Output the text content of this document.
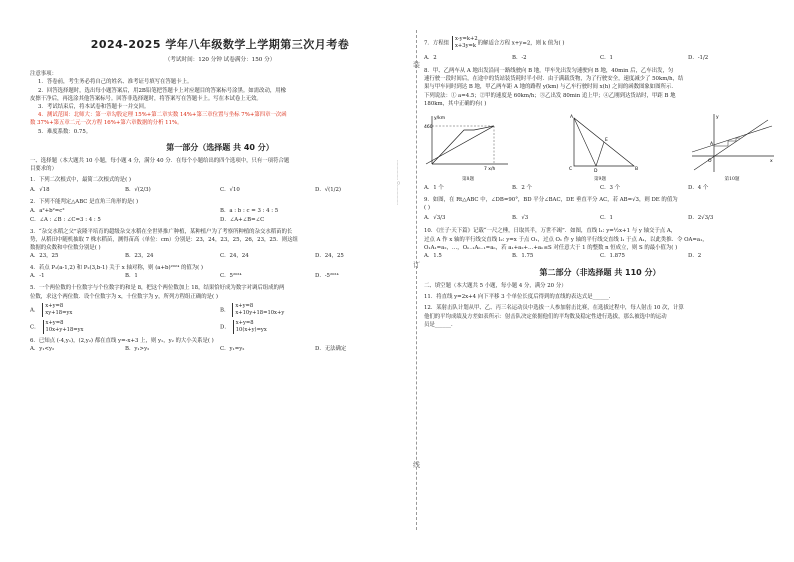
2024-2025 学年八年级数学上学期第三次月考卷
（考试时间：120 分钟 试卷满分：150 分）
注意事项：
1．答卷前，考生务必将自己的姓名、准考证号填写在答题卡上。
2．回答选择题时，选出每小题答案后，用2B铅笔把答题卡上对应题目的答案标号涂黑。如需改动，用橡
皮擦干净后，再选涂其他答案标号。回答非选择题时，将答案写在答题卡上。写在本试卷上无效。
3．考试结束后，将本试卷和答题卡一并交回。
4．测试范围：北师大：第一章勾股定理 15%+第二章实数 14%+第三章位置与坐标 7%+第四章一次函
数 37%+第五章二元一次方程 16%+第六章数据的分析 11%。
5．难度系数：0.75。
第一部分（选择题 共 40 分）
一、选择题（本大题共 10 小题，每小题 4 分，满分 40 分．在每个小题给出的四个选项中，只有一项符合题
目要求的）
1．下列二次根式中，最简二次根式的是( )
A．√18	B．√(2/3)	C．√10	D．√(1/2)
2．下列不能判定△ABC 是直角三角形的是( )
A．a²+b²=c²	B．a : b : c = 3 : 4 : 5
C．∠A : ∠B : ∠C=3 : 4 : 5	D．∠A+∠B=∠C
3．“杂交水稻之父”袁隆平培育的超级杂交水稻在全世界推广种植，某种植户为了考察所种植的杂交水稻苗的长
势，从稻田中随机抽取 7 株水稻苗，测得苗高（单位：cm）分别是：23，24，23，25，26，23，25．则这组
数据的众数和中位数分别是( )
A．23，25	B．23，24	C．24，24	D．24，25
4．若点 P₁(a-1,2) 和 P₂(3,b-1) 关于 x 轴对称，则 (a+b)²⁰²⁴ 的值为( )
A．-1	B．1	C．5²⁰²⁴	D．-5²⁰²⁴
5．一个两位数的十位数字与个位数字的和是 8，把这个两位数加上 18，结果恰好成为数字对调后组成的两
位数，求这个两位数．设个位数字为 x，十位数字为 y，所列方程组正确的是( )
A．x+y=8
xy+18=yx	B．x+y=8
x+10y+18=10x+y
C．x+y=8
10x+y+18=yx	D．x+y=8
10(x+y)=yx
6．已知点 (-4,y₁)，(2,y₂) 都在直线 y=-x+3 上，则 y₁，y₂ 的大小关系是( )
A．y₁<y₂	B．y₁>y₂	C．y₁=y₂	D．无法确定
7．方程组x-y=k+2
x+3y=k 的解适合方程 x+y=2，则 k 值为( )
A．2	B．-2	C．1	D．-1/2
8．甲、乙两车从 A 地出发沿同一路线驶向 B 地，甲车先出发匀速驶向 B 地，40min 后，乙车出发，匀
速行驶一段时间后，在途中的货站装货耗时半小时．由于满载货物，为了行驶安全，速度减少了 50km/h，结
果与甲车同时到达 B 地，甲乙两车距 A 地的路程 y(km) 与乙车行驶时间 x(h) 之间的函数图象如图所示．
下列说法：① a=4.5；②甲的速度是 60km/h；③乙出发 80min 追上甲；④乙刚到达货站时，甲距 B 地
180km，其中正确的有( )
460
y/km
7 x/h
第8题
A
C	D	B
E
第9题
O
A
x
y
第10题
A．1 个	B．2 个	C．3 个	D．4 个
9．如图，在 Rt△ABC 中，∠DB=90°，BD 平分∠BAC，DE 垂直平分 AC，若 AB=√3，则 DE 的值为
( )
A．√3/3	B．√3	C．1	D．2√3/3
10．《庄子·天下篇》记载“一尺之棰，日取其半，万世不竭”．如图，直线 l₁: y=½x+1 与 y 轴交于点 A，
过点 A 作 x 轴的平行线交直线 l₂: y=x 于点 O₁，过点 O₁ 作 y 轴的平行线交直线 l₁ 于点 A₁，以此类推．令 OA=a₁，
O₁A₁=a₂，…，Oₙ₋₁Aₙ₋₁=aₙ，若 a₁+a₂+…+aₙ≤S 对任意大于 1 的整数 n 恒成立，则 S 的最小值为( )
A．1.5	B．1.75	C．1.875	D．2
第二部分（非选择题 共 110 分）
二、填空题（本大题共 5 小题，每小题 4 分，满分 20 分）
11．将直线 y=2x+4 向下平移 3 个单位长度后得到的直线的表达式是______．
12．某射击队计划从甲、乙、丙三名运动员中选拔一人参加射击比赛，在选拔过程中，每人射击 10 次，计算
他们的平均成绩及方差如表所示：射击队决定依据他们的平均数及稳定性进行选拔，那么被选中的运动
员是______．
装
订
线
……………○……………
